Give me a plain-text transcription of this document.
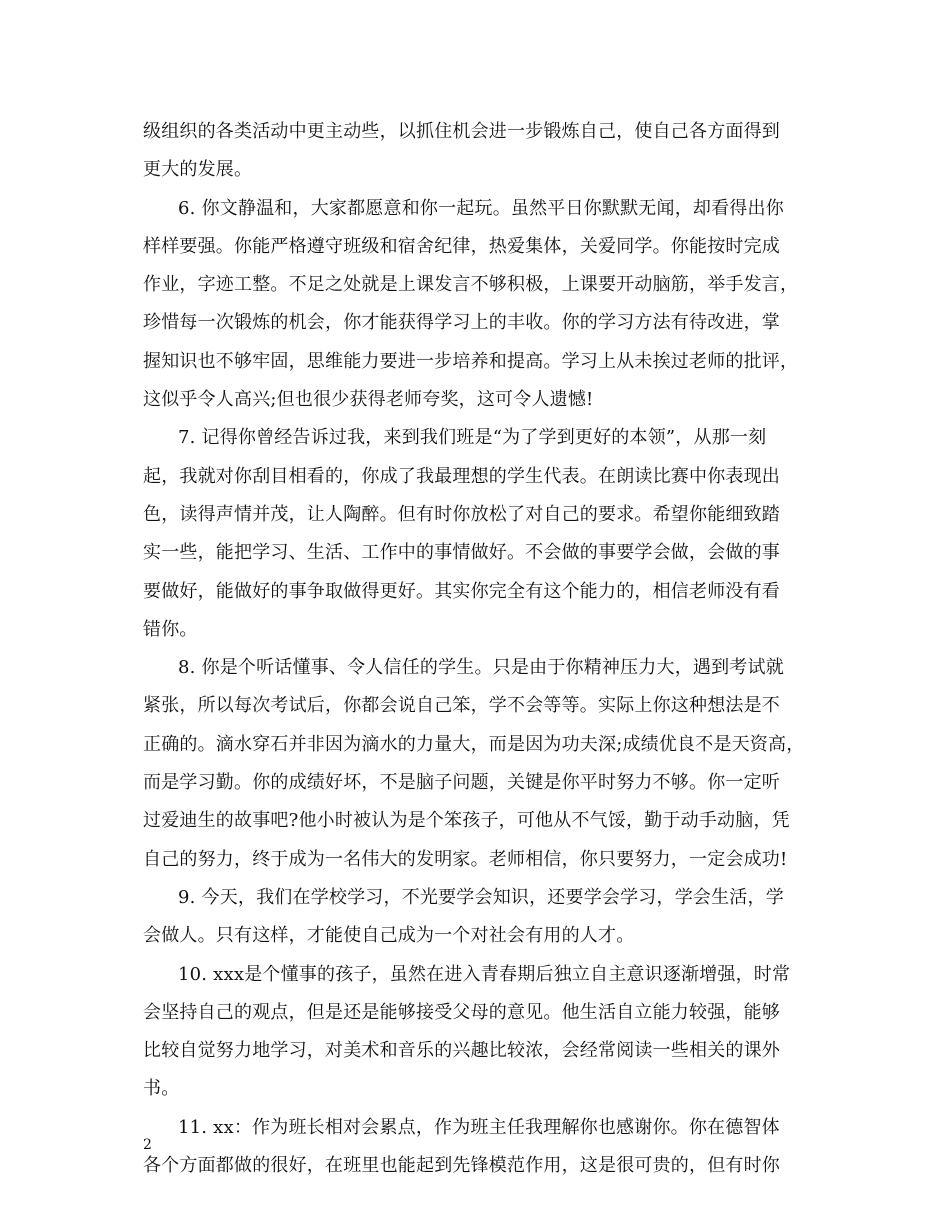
级组织的各类活动中更主动些，以抓住机会进一步锻炼自己，使自己各方面得到
更大的发展。
6. 你文静温和，大家都愿意和你一起玩。虽然平日你默默无闻，却看得出你
样样要强。你能严格遵守班级和宿舍纪律，热爱集体，关爱同学。你能按时完成
作业，字迹工整。不足之处就是上课发言不够积极，上课要开动脑筋，举手发言，
珍惜每一次锻炼的机会，你才能获得学习上的丰收。你的学习方法有待改进，掌
握知识也不够牢固，思维能力要进一步培养和提高。学习上从未挨过老师的批评，
这似乎令人高兴;但也很少获得老师夸奖，这可令人遗憾!
7. 记得你曾经告诉过我，来到我们班是“为了学到更好的本领”，从那一刻
起，我就对你刮目相看的，你成了我最理想的学生代表。在朗读比赛中你表现出
色，读得声情并茂，让人陶醉。但有时你放松了对自己的要求。希望你能细致踏
实一些，能把学习、生活、工作中的事情做好。不会做的事要学会做，会做的事
要做好，能做好的事争取做得更好。其实你完全有这个能力的，相信老师没有看
错你。
8. 你是个听话懂事、令人信任的学生。只是由于你精神压力大，遇到考试就
紧张，所以每次考试后，你都会说自己笨，学不会等等。实际上你这种想法是不
正确的。滴水穿石并非因为滴水的力量大，而是因为功夫深;成绩优良不是天资高，
而是学习勤。你的成绩好坏，不是脑子问题，关键是你平时努力不够。你一定听
过爱迪生的故事吧?他小时被认为是个笨孩子，可他从不气馁，勤于动手动脑，凭
自己的努力，终于成为一名伟大的发明家。老师相信，你只要努力，一定会成功!
9. 今天，我们在学校学习，不光要学会知识，还要学会学习，学会生活，学
会做人。只有这样，才能使自己成为一个对社会有用的人才。
10. xxx是个懂事的孩子，虽然在进入青春期后独立自主意识逐渐增强，时常
会坚持自己的观点，但是还是能够接受父母的意见。他生活自立能力较强，能够
比较自觉努力地学习，对美术和音乐的兴趣比较浓，会经常阅读一些相关的课外
书。
11. xx：作为班长相对会累点，作为班主任我理解你也感谢你。你在德智体
各个方面都做的很好，在班里也能起到先锋模范作用，这是很可贵的，但有时你
2
